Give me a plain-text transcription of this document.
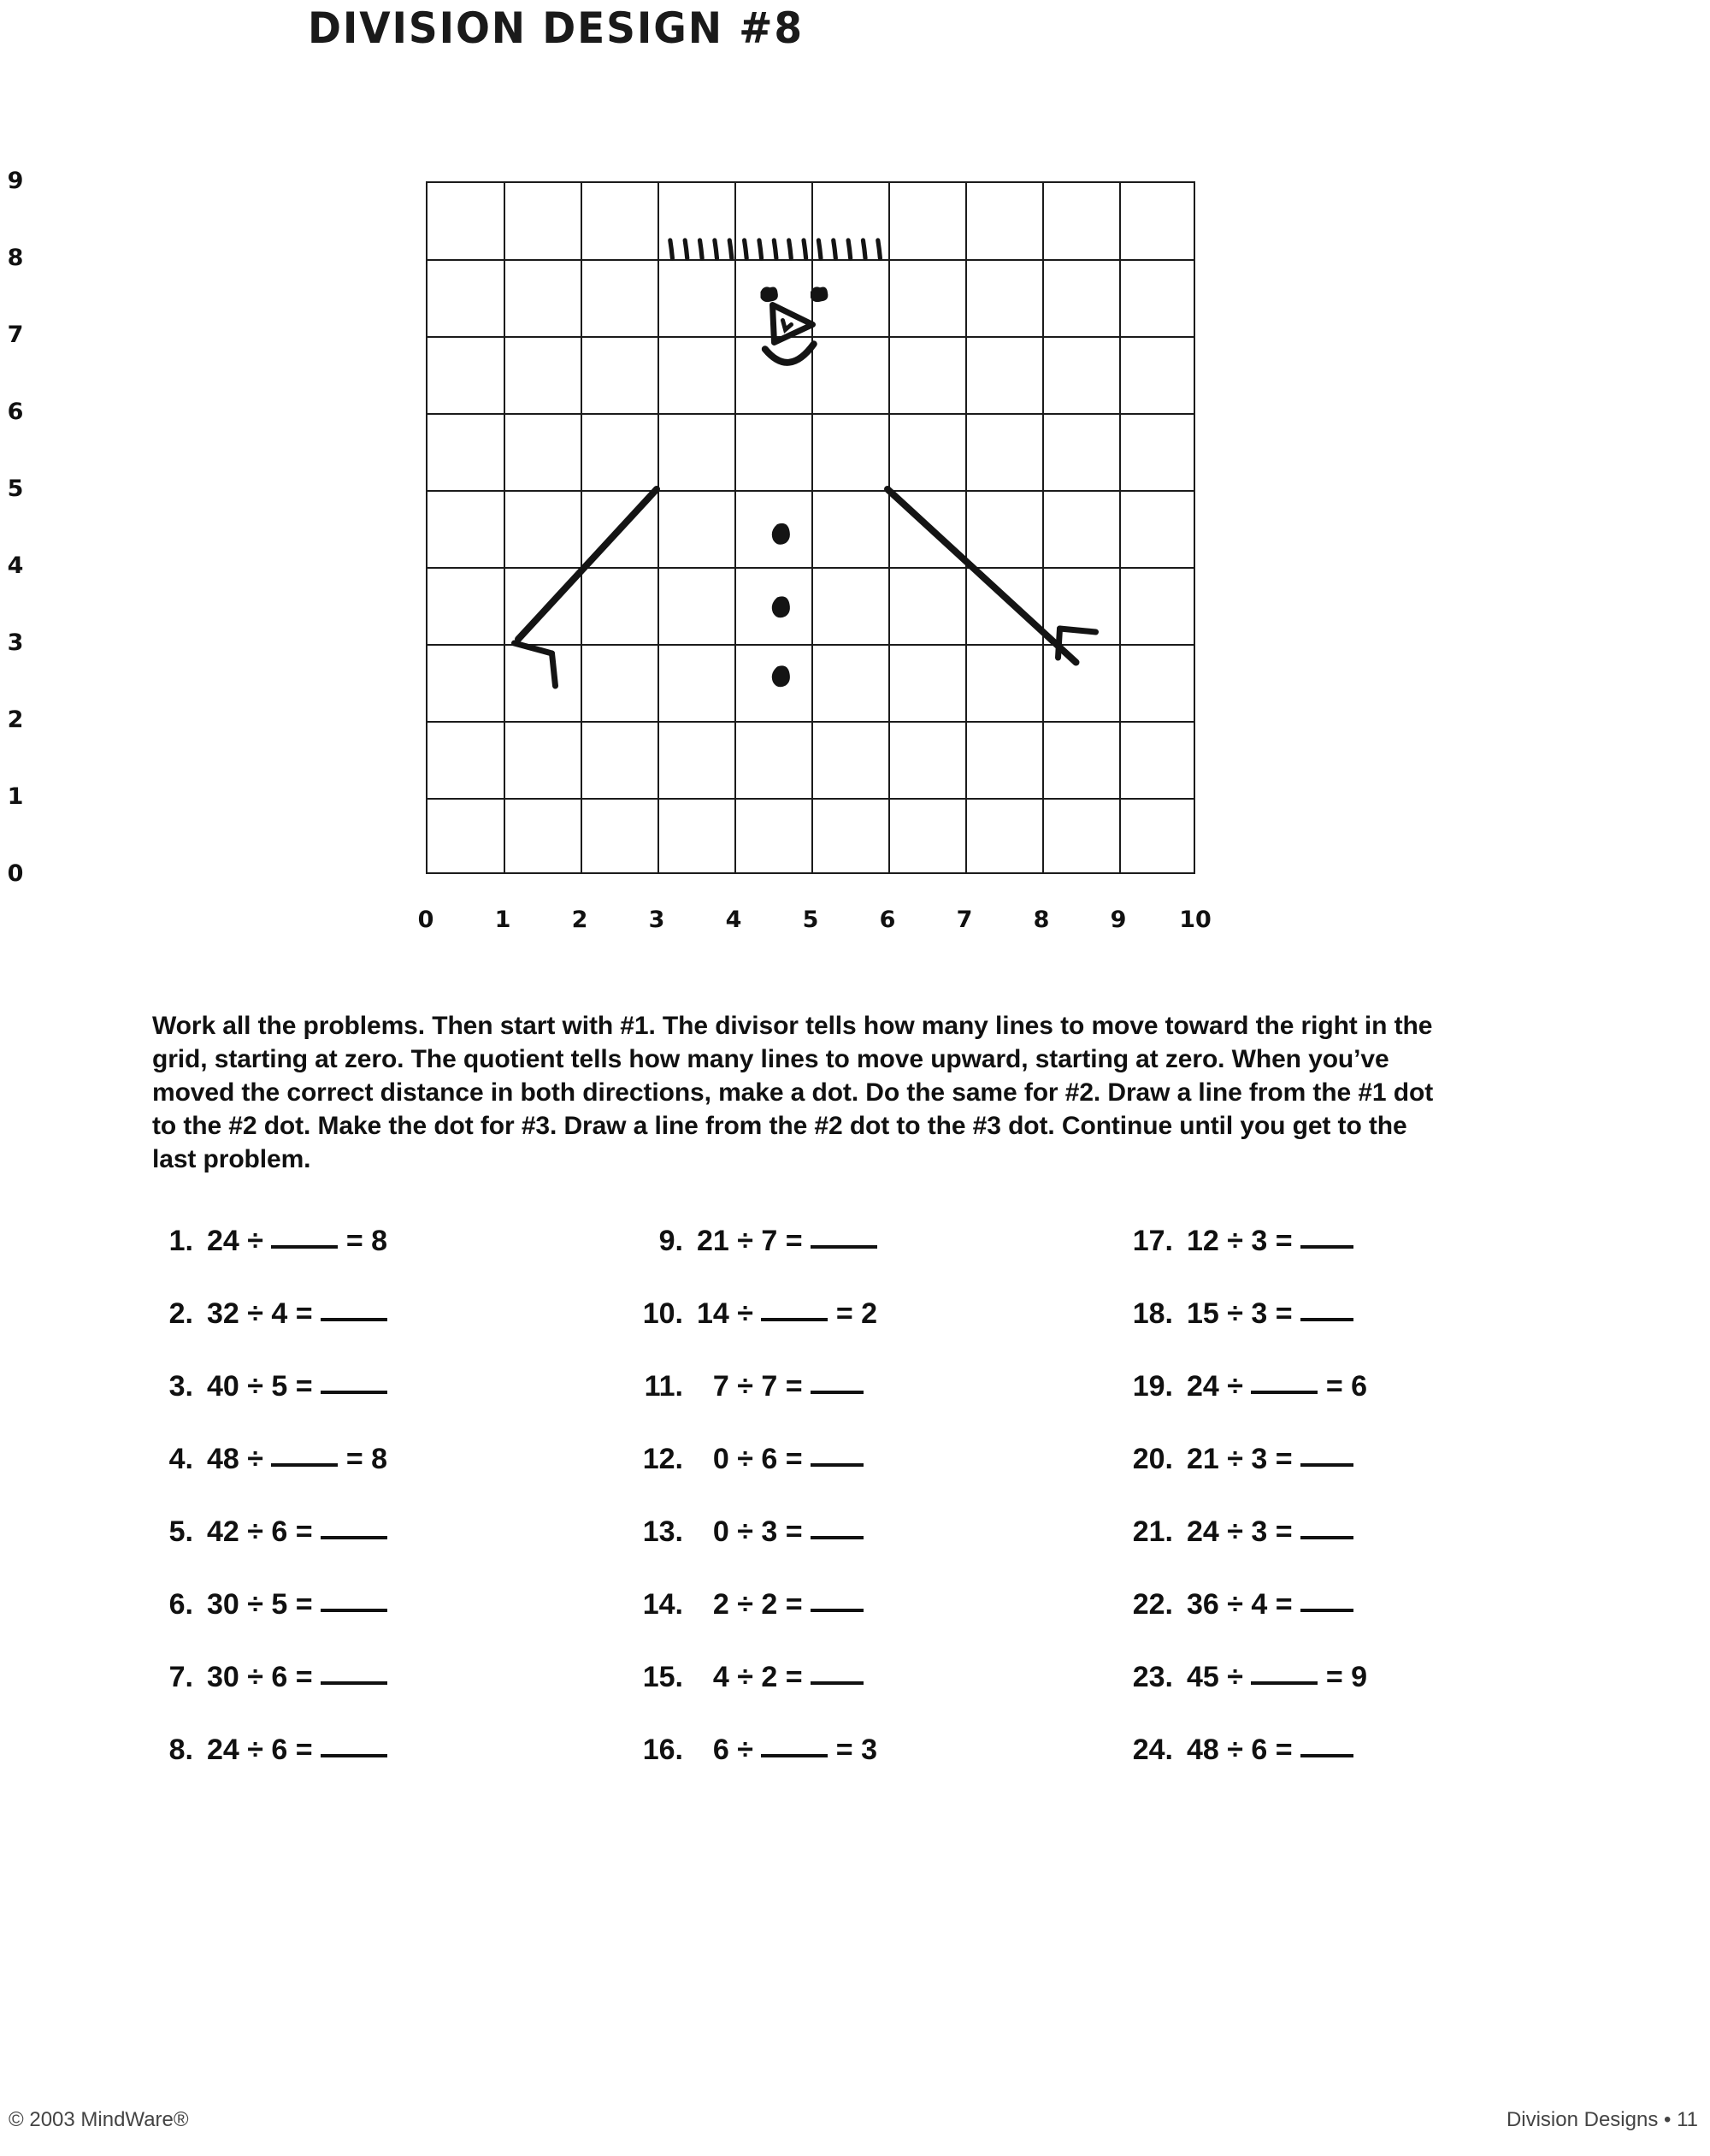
DIVISION DESIGN #8
9
8
7
6
5
4
3
2
1
0
0	1	2	3	4	5	6	7	8	9	10

Work all the problems. Then start with #1. The divisor tells how many lines to move toward the right in the grid, starting at zero. The quotient tells how many lines to move upward, starting at zero. When you’ve moved the correct distance in both directions, make a dot. Do the same for #2. Draw a line from the #1 dot to the #2 dot. Make the dot for #3. Draw a line from the #2 dot to the #3 dot. Continue until you get to the last problem.

1. 24 ÷  = 8
2. 32 ÷ 4 =
3. 40 ÷ 5 =
4. 48 ÷  = 8
5. 42 ÷ 6 =
6. 30 ÷ 5 =
7. 30 ÷ 6 =
8. 24 ÷ 6 =
9. 21 ÷ 7 =
10. 14 ÷  = 2
11. 7 ÷ 7 =
12. 0 ÷ 6 =
13. 0 ÷ 3 =
14. 2 ÷ 2 =
15. 4 ÷ 2 =
16. 6 ÷  = 3
17. 12 ÷ 3 =
18. 15 ÷ 3 =
19. 24 ÷  = 6
20. 21 ÷ 3 =
21. 24 ÷ 3 =
22. 36 ÷ 4 =
23. 45 ÷  = 9
24. 48 ÷ 6 =
© 2003 MindWare®	Division Designs • 11
